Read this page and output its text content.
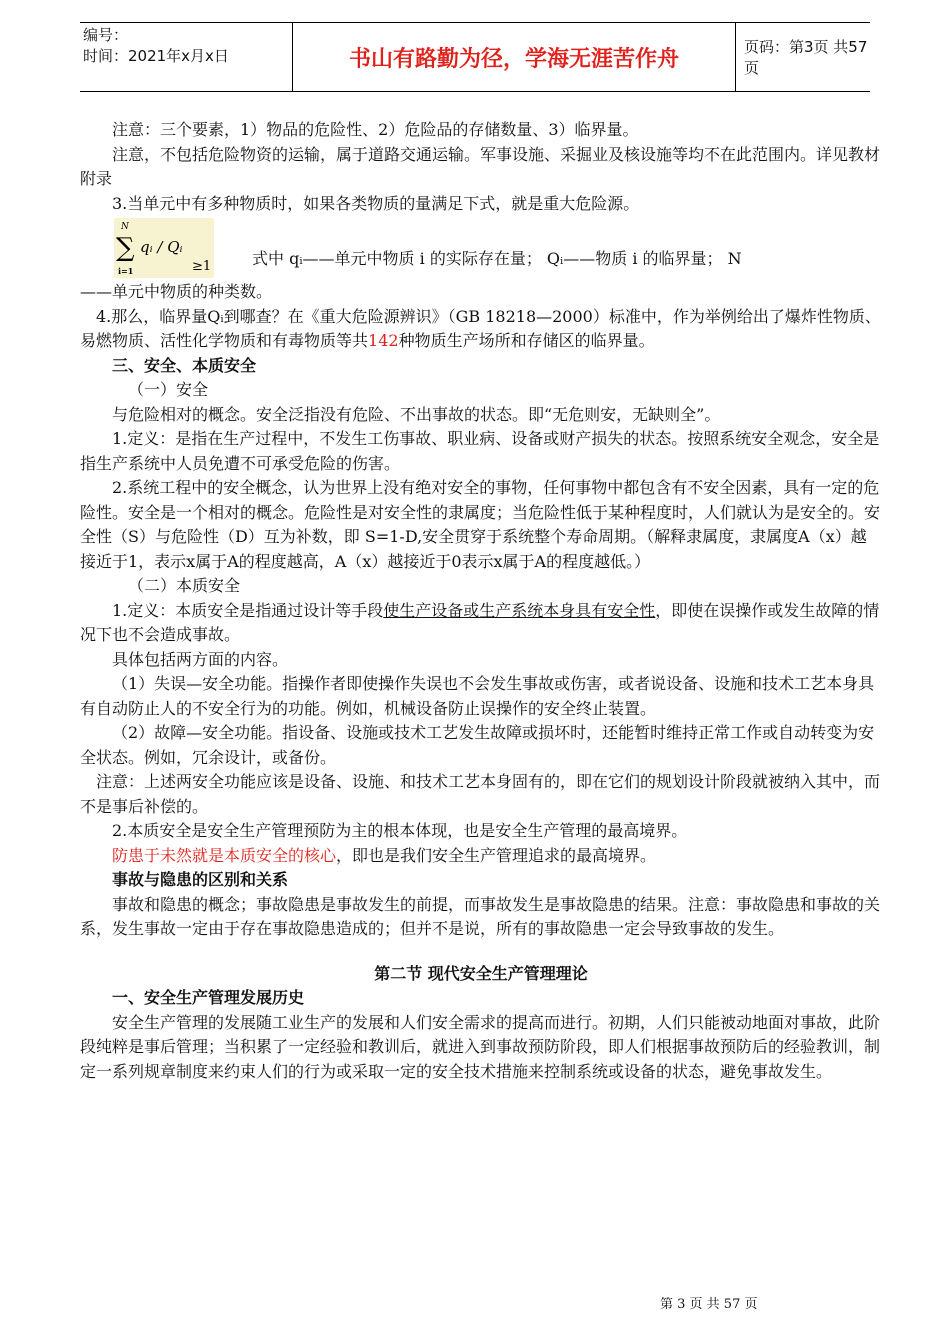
编号：
时间：2021年x月x日	书山有路勤为径，学海无涯苦作舟	页码：第3页 共57页

注意：三个要素，1）物品的危险性、2）危险品的存储数量、3）临界量。

注意，不包括危险物资的运输，属于道路交通运输。军事设施、采掘业及核设施等均不在此范围内。详见教材附录

3.当单元中有多种物质时，如果各类物质的量满足下式，就是重大危险源。

N
∑
i=1
qᵢ / Qᵢ
≥1	式中 qᵢ——单元中物质 i 的实际存在量； Qᵢ——物质 i 的临界量； N

——单元中物质的种类数。

4.那么，临界量Qᵢ到哪查？在《重大危险源辨识》（GB 18218—2000）标准中，作为举例给出了爆炸性物质、易燃物质、活性化学物质和有毒物质等共142种物质生产场所和存储区的临界量。

三、安全、本质安全

（一）安全

与危险相对的概念。安全泛指没有危险、不出事故的状态。即“无危则安，无缺则全”。

1.定义：是指在生产过程中，不发生工伤事故、职业病、设备或财产损失的状态。按照系统安全观念，安全是指生产系统中人员免遭不可承受危险的伤害。

2.系统工程中的安全概念，认为世界上没有绝对安全的事物，任何事物中都包含有不安全因素，具有一定的危险性。安全是一个相对的概念。危险性是对安全性的隶属度；当危险性低于某种程度时，人们就认为是安全的。安全性（S）与危险性（D）互为补数，即 S=1-D,安全贯穿于系统整个寿命周期。（解释隶属度，隶属度A（x）越接近于1，表示x属于A的程度越高，A（x）越接近于0表示x属于A的程度越低。）

（二）本质安全

1.定义：本质安全是指通过设计等手段使生产设备或生产系统本身具有安全性，即使在误操作或发生故障的情况下也不会造成事故。

具体包括两方面的内容。

（1）失误—安全功能。指操作者即使操作失误也不会发生事故或伤害，或者说设备、设施和技术工艺本身具有自动防止人的不安全行为的功能。例如，机械设备防止误操作的安全终止装置。

（2）故障—安全功能。指设备、设施或技术工艺发生故障或损坏时，还能暂时维持正常工作或自动转变为安全状态。例如，冗余设计，或备份。

注意：上述两安全功能应该是设备、设施、和技术工艺本身固有的，即在它们的规划设计阶段就被纳入其中，而不是事后补偿的。

2.本质安全是安全生产管理预防为主的根本体现，也是安全生产管理的最高境界。

防患于未然就是本质安全的核心，即也是我们安全生产管理追求的最高境界。

事故与隐患的区别和关系

事故和隐患的概念；事故隐患是事故发生的前提，而事故发生是事故隐患的结果。注意：事故隐患和事故的关系，发生事故一定由于存在事故隐患造成的；但并不是说，所有的事故隐患一定会导致事故的发生。

第二节 现代安全生产管理理论

一、安全生产管理发展历史

安全生产管理的发展随工业生产的发展和人们安全需求的提高而进行。初期，人们只能被动地面对事故，此阶段纯粹是事后管理；当积累了一定经验和教训后，就进入到事故预防阶段，即人们根据事故预防后的经验教训，制定一系列规章制度来约束人们的行为或采取一定的安全技术措施来控制系统或设备的状态，避免事故发生。

第 3 页 共 57 页
